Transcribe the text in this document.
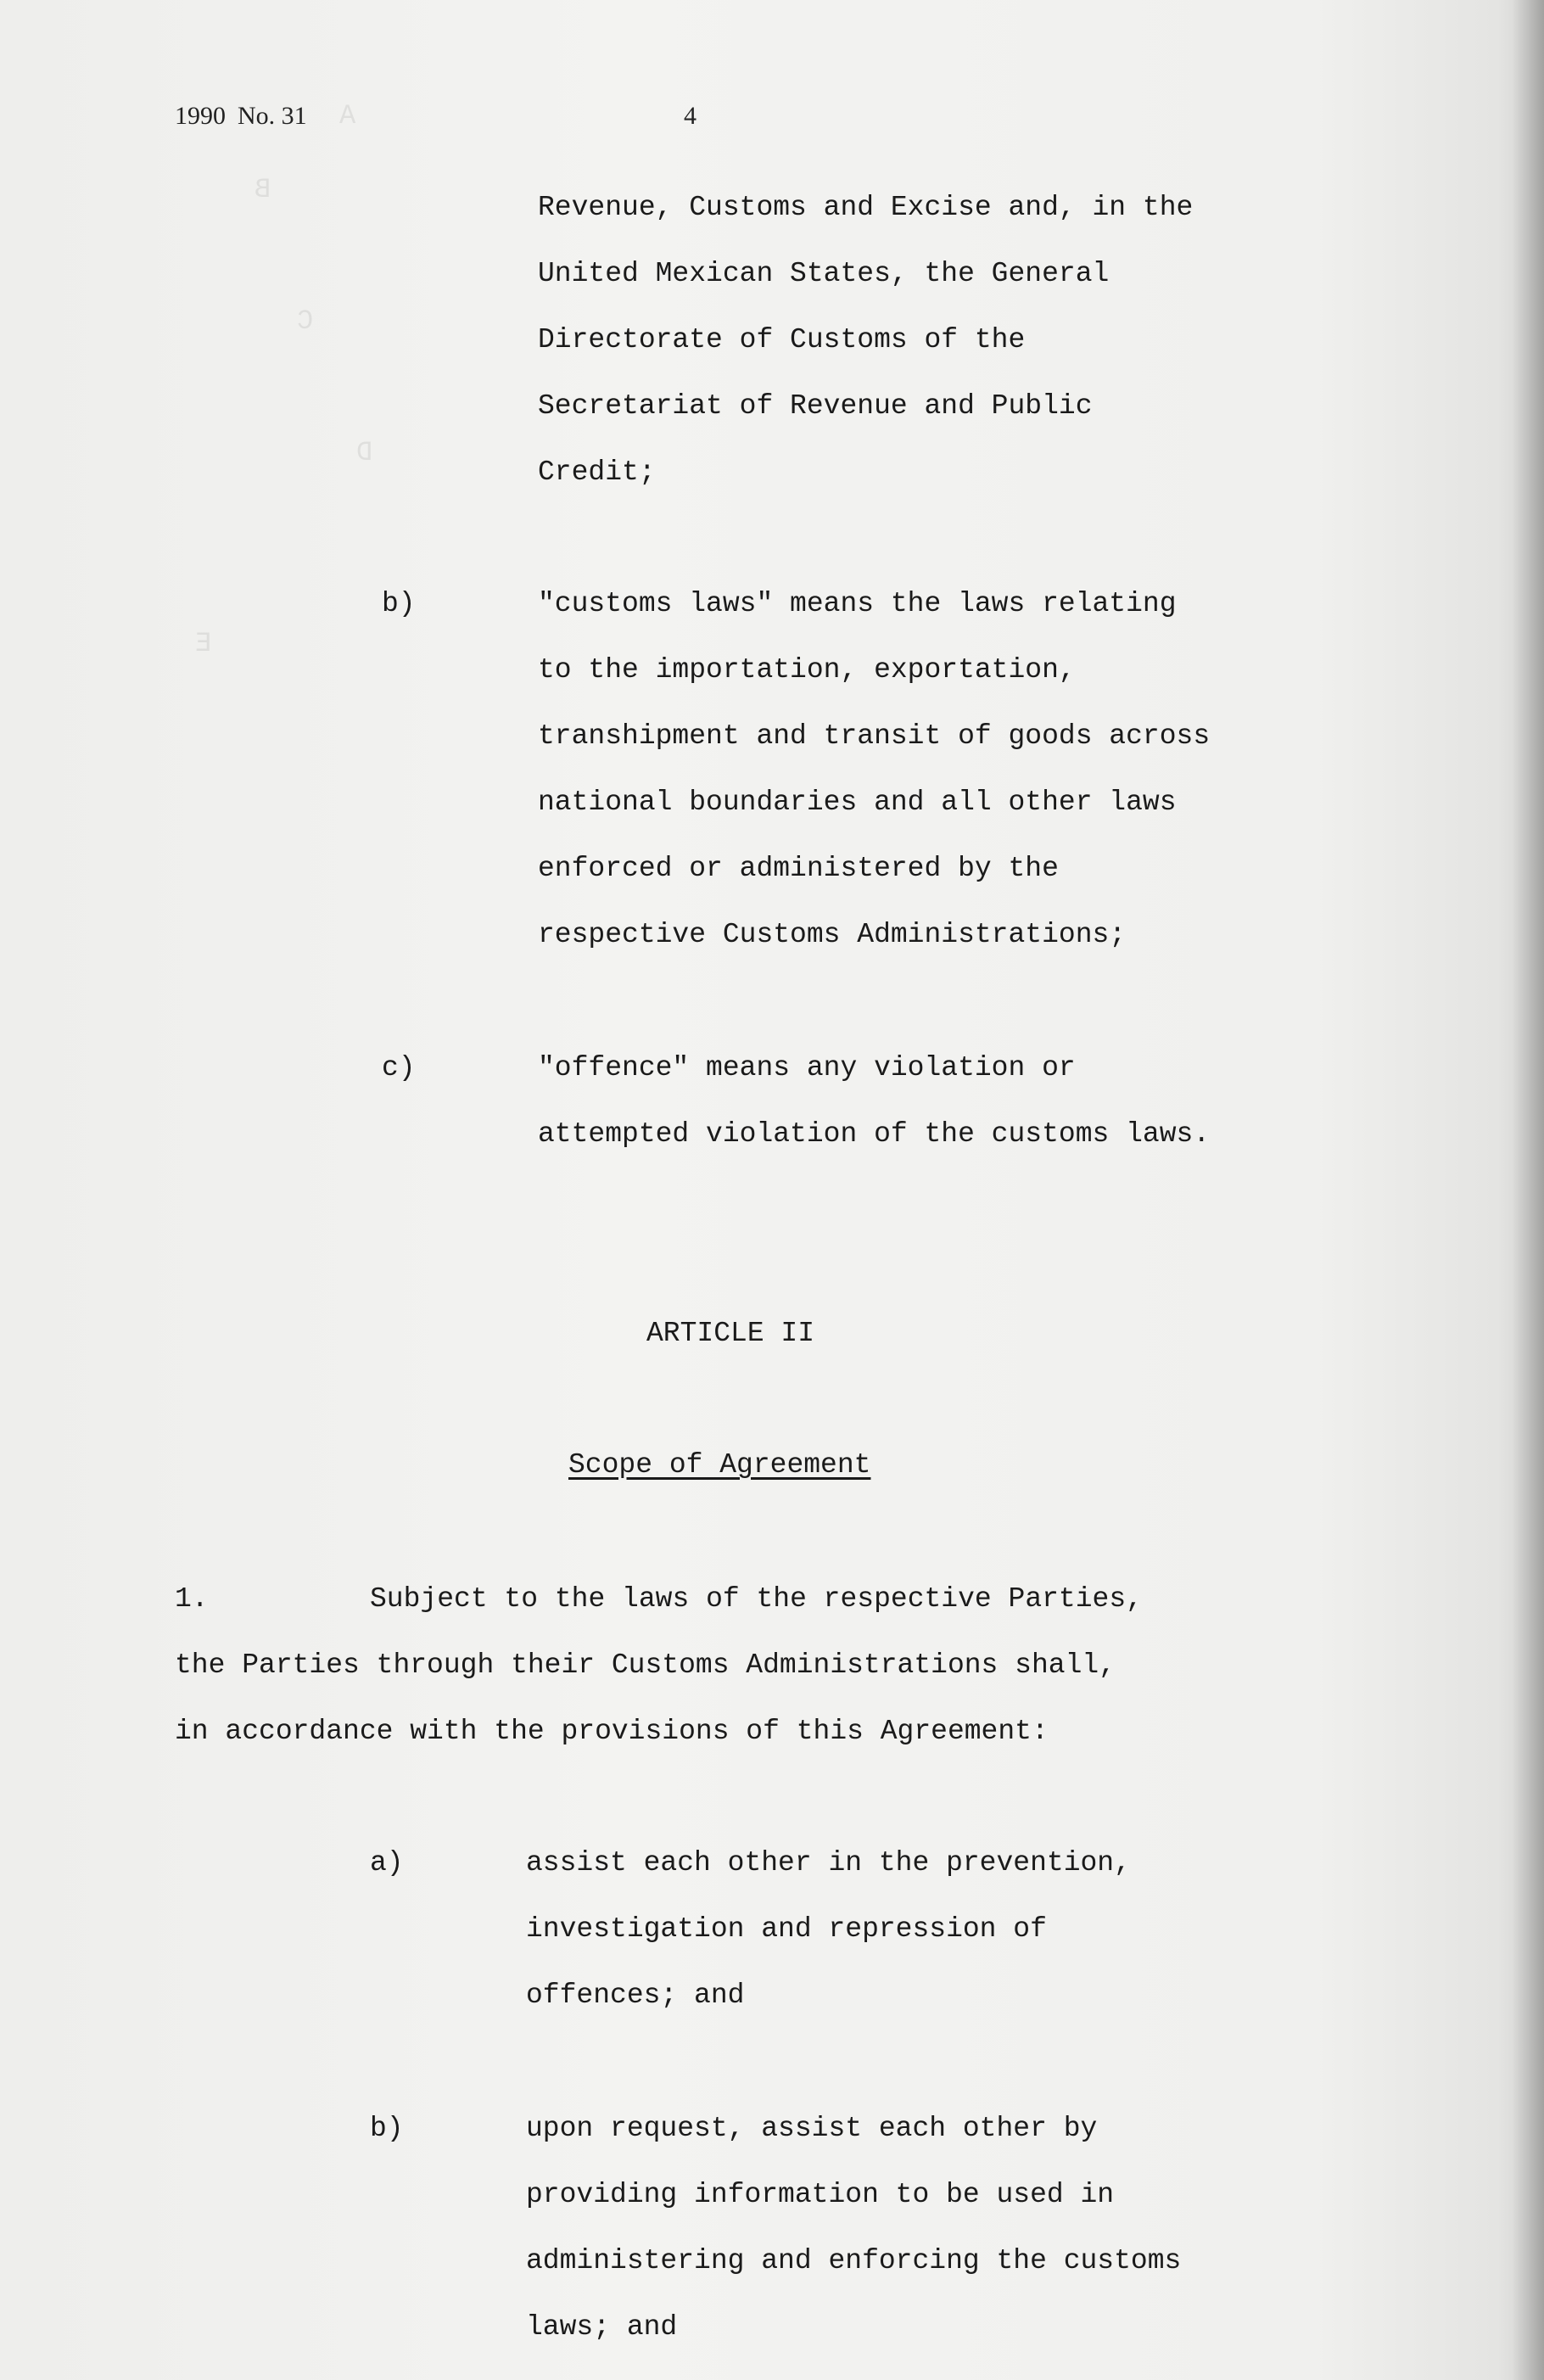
A
B
C
D
E
1990 No. 31	4
Revenue, Customs and Excise and, in the
United Mexican States, the General
Directorate of Customs of the
Secretariat of Revenue and Public
Credit;
b)	"customs laws" means the laws relating
to the importation, exportation,
transhipment and transit of goods across
national boundaries and all other laws
enforced or administered by the
respective Customs Administrations;
c)	"offence" means any violation or
attempted violation of the customs laws.
ARTICLE II
Scope of Agreement
1.	Subject to the laws of the respective Parties,
the Parties through their Customs Administrations shall,
in accordance with the provisions of this Agreement:
a)	assist each other in the prevention,
investigation and repression of
offences; and
b)	upon request, assist each other by
providing information to be used in
administering and enforcing the customs
laws; and
